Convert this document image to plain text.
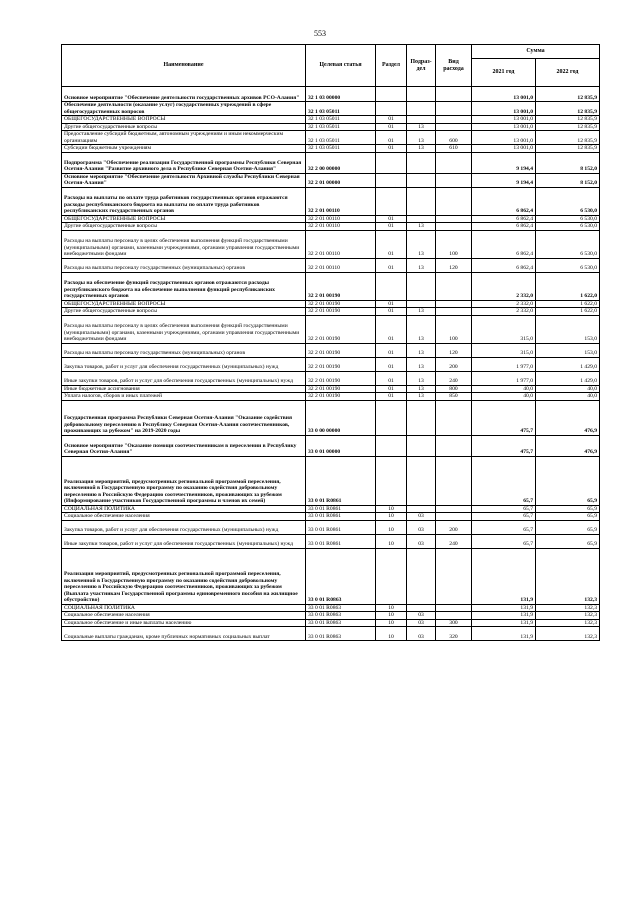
553
Наименование	Целевая статья	Раздел	Подраз-дел	Вид расхода	Сумма	
					2021 год	2022 год
Основное мероприятие "Обеспечение деятельности государственных архивов РСО-Алания"	32 1 03 00000				13 001,0	12 835,9
Обеспечение деятельности (оказание услуг) государственных учреждений в сфере общегосударственных вопросов	32 1 03 05011				13 001,0	12 835,9
ОБЩЕГОСУДАРСТВЕННЫЕ ВОПРОСЫ	32 1 03 05011	01			13 001,0	12 835,9
Другие общегосударственные вопросы	32 1 03 05011	01	13		13 001,0	12 835,9
Предоставление субсидий бюджетным, автономным учреждениям и иным некоммерческим организациям	32 1 03 05011	01	13	600	13 001,0	12 835,9
Субсидии бюджетным учреждениям	32 1 03 05011	01	13	610	13 001,0	12 835,9
Подпрограмма "Обеспечение реализации Государственной программы Республики Северная Осетия-Алания "Развитие архивного дела в Республике Северная Осетия-Алания"	32 2 00 00000				9 194,4	8 152,0
Основное мероприятие "Обеспечение деятельности Архивной службы Республики Северная Осетия-Алания"	32 2 01 00000				9 194,4	8 152,0
Расходы на выплаты по оплате труда работников государственных органов отражаются расходы республиканского бюджета на выплаты по оплате труда работников республиканских государственных органов	32 2 01 00110				6 862,4	6 530,0
ОБЩЕГОСУДАРСТВЕННЫЕ ВОПРОСЫ	32 2 01 00110	01			6 862,4	6 530,0
Другие общегосударственные вопросы	32 2 01 00110	01	13		6 862,4	6 530,0
Расходы на выплаты персоналу в целях обеспечения выполнения функций государственными (муниципальными) органами, казенными учреждениями, органами управления государственными внебюджетными фондами	32 2 01 00110	01	13	100	6 862,4	6 530,0
Расходы на выплаты персоналу государственных (муниципальных) органов	32 2 01 00110	01	13	120	6 862,4	6 530,0
Расходы на обеспечение функций государственных органов отражаются расходы республиканского бюджета на обеспечение выполнения функций республиканских государственных органов	32 2 01 00190				2 332,0	1 622,0
ОБЩЕГОСУДАРСТВЕННЫЕ ВОПРОСЫ	32 2 01 00190	01			2 332,0	1 622,0
Другие общегосударственные вопросы	32 2 01 00190	01	13		2 332,0	1 622,0
Расходы на выплаты персоналу в целях обеспечения выполнения функций государственными (муниципальными) органами, казенными учреждениями, органами управления государственными внебюджетными фондами	32 2 01 00190	01	13	100	315,0	153,0
Расходы на выплаты персоналу государственных (муниципальных) органов	32 2 01 00190	01	13	120	315,0	153,0
Закупка товаров, работ и услуг для обеспечения государственных (муниципальных) нужд	32 2 01 00190	01	13	200	1 977,0	1 429,0
Иные закупки товаров, работ и услуг для обеспечения государственных (муниципальных) нужд	32 2 01 00190	01	13	240	1 977,0	1 429,0
Иные бюджетные ассигнования	32 2 01 00190	01	13	800	40,0	40,0
Уплата налогов, сборов и иных платежей	32 2 01 00190	01	13	850	40,0	40,0
Государственная программа Республики Северная Осетия-Алания "Оказание содействия добровольному переселению в Республику Северная Осетия-Алания соотечественников, проживающих за рубежом" на 2019-2020 годы	33 0 00 00000				475,7	476,9
Основное мероприятие "Оказание помощи соотечественникам в переселении в Республику Северная Осетия-Алания"	33 0 01 00000				475,7	476,9
Реализация мероприятий, предусмотренных региональной программой переселения, включенной в Государственную программу по оказанию содействия добровольному переселению в Российскую Федерацию соотечественников, проживающих за рубежом (Информирование участников Государственной программы и членов их семей)	33 0 01 R0861				65,7	65,9
СОЦИАЛЬНАЯ ПОЛИТИКА	33 0 01 R0861	10			65,7	65,9
Социальное обеспечение населения	33 0 01 R0861	10	03		65,7	65,9
Закупка товаров, работ и услуг для обеспечения государственных (муниципальных) нужд	33 0 01 R0861	10	03	200	65,7	65,9
Иные закупки товаров, работ и услуг для обеспечения государственных (муниципальных) нужд	33 0 01 R0861	10	03	240	65,7	65,9
Реализация мероприятий, предусмотренных региональной программой переселения, включенной в Государственную программу по оказанию содействия добровольному переселению в Российскую Федерацию соотечественников, проживающих за рубежом (Выплата участникам Государственной программы единовременного пособия на жилищное обустройство)	33 0 01 R0863				131,9	132,3
СОЦИАЛЬНАЯ ПОЛИТИКА	33 0 01 R0863	10			131,9	132,3
Социальное обеспечение населения	33 0 01 R0863	10	03		131,9	132,3
Социальное обеспечение и иные выплаты населению	33 0 01 R0863	10	03	300	131,9	132,3
Социальные выплаты гражданам, кроме публичных нормативных социальных выплат	33 0 01 R0863	10	03	320	131,9	132,3
